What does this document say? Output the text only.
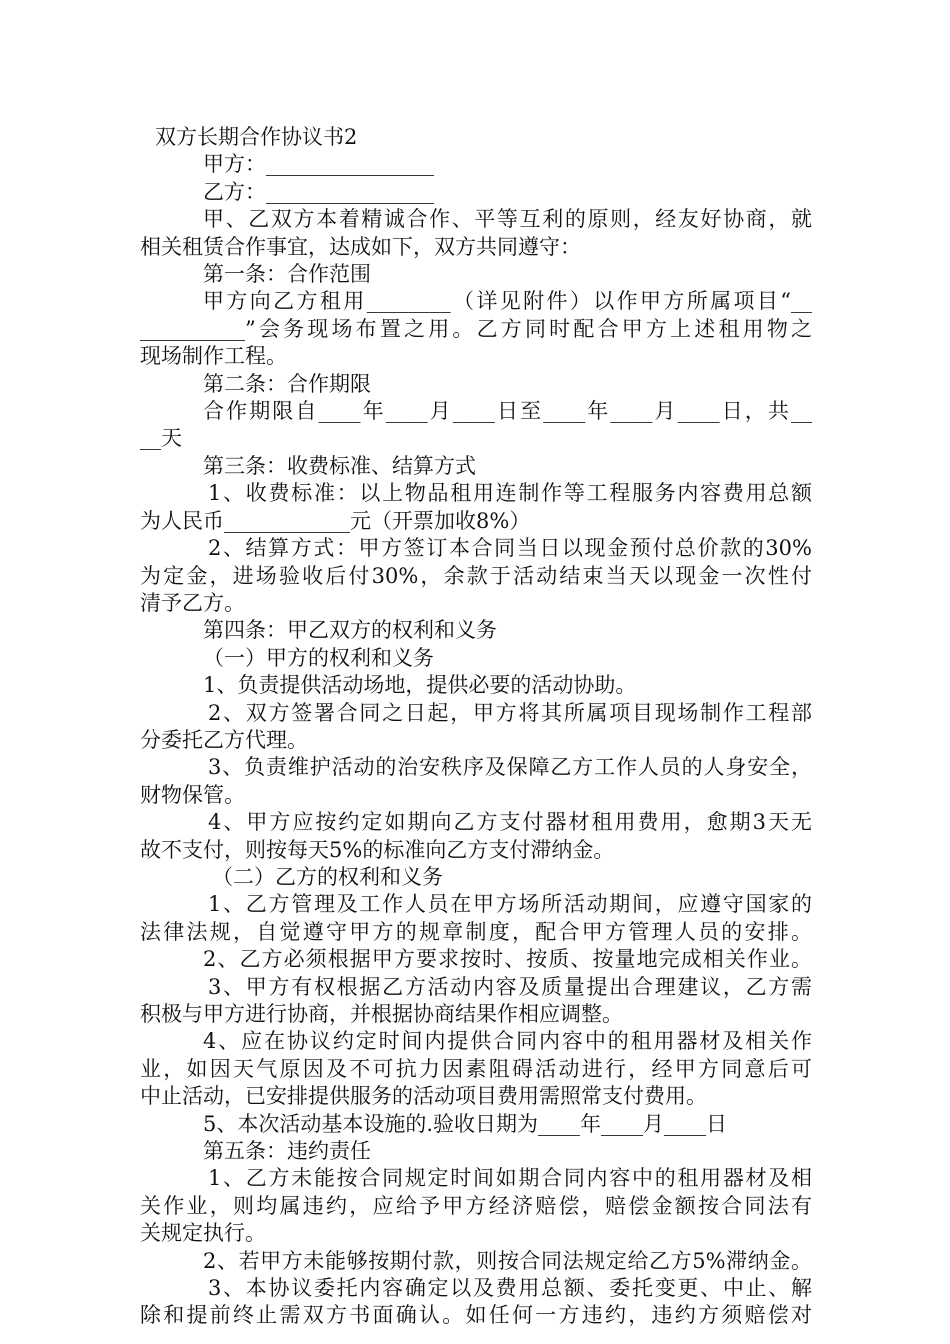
双方长期合作协议书2
甲方：________________
乙方：________________
甲、乙双方本着精诚合作、平等互利的原则，经友好协商，就
相关租赁合作事宜，达成如下，双方共同遵守：
第一条：合作范围
甲方向乙方租用________（详见附件）以作甲方所属项目“__
__________”会务现场布置之用。乙方同时配合甲方上述租用物之
现场制作工程。
第二条：合作期限
合作期限自____年____月____日至____年____月____日，共__
__天
第三条：收费标准、结算方式
1、收费标准：以上物品租用连制作等工程服务内容费用总额
为人民币____________元（开票加收8%）
2、结算方式：甲方签订本合同当日以现金预付总价款的30%
为定金，进场验收后付30%，余款于活动结束当天以现金一次性付
清予乙方。
第四条：甲乙双方的权利和义务
（一）甲方的权利和义务
1、负责提供活动场地，提供必要的活动协助。
2、双方签署合同之日起，甲方将其所属项目现场制作工程部
分委托乙方代理。
3、负责维护活动的治安秩序及保障乙方工作人员的人身安全，
财物保管。
4、甲方应按约定如期向乙方支付器材租用费用，愈期3天无
故不支付，则按每天5%的标准向乙方支付滞纳金。
（二）乙方的权利和义务
1、乙方管理及工作人员在甲方场所活动期间，应遵守国家的
法律法规，自觉遵守甲方的规章制度，配合甲方管理人员的安排。
2、乙方必须根据甲方要求按时、按质、按量地完成相关作业。
3、甲方有权根据乙方活动内容及质量提出合理建议，乙方需
积极与甲方进行协商，并根据协商结果作相应调整。
4、应在协议约定时间内提供合同内容中的租用器材及相关作
业，如因天气原因及不可抗力因素阻碍活动进行，经甲方同意后可
中止活动，已安排提供服务的活动项目费用需照常支付费用。
5、本次活动基本设施的.验收日期为____年____月____日
第五条：违约责任
1、乙方未能按合同规定时间如期合同内容中的租用器材及相
关作业，则均属违约，应给予甲方经济赔偿，赔偿金额按合同法有
关规定执行。
2、若甲方未能够按期付款，则按合同法规定给乙方5%滞纳金。
3、本协议委托内容确定以及费用总额、委托变更、中止、解
除和提前终止需双方书面确认。如任何一方违约，违约方须赔偿对
